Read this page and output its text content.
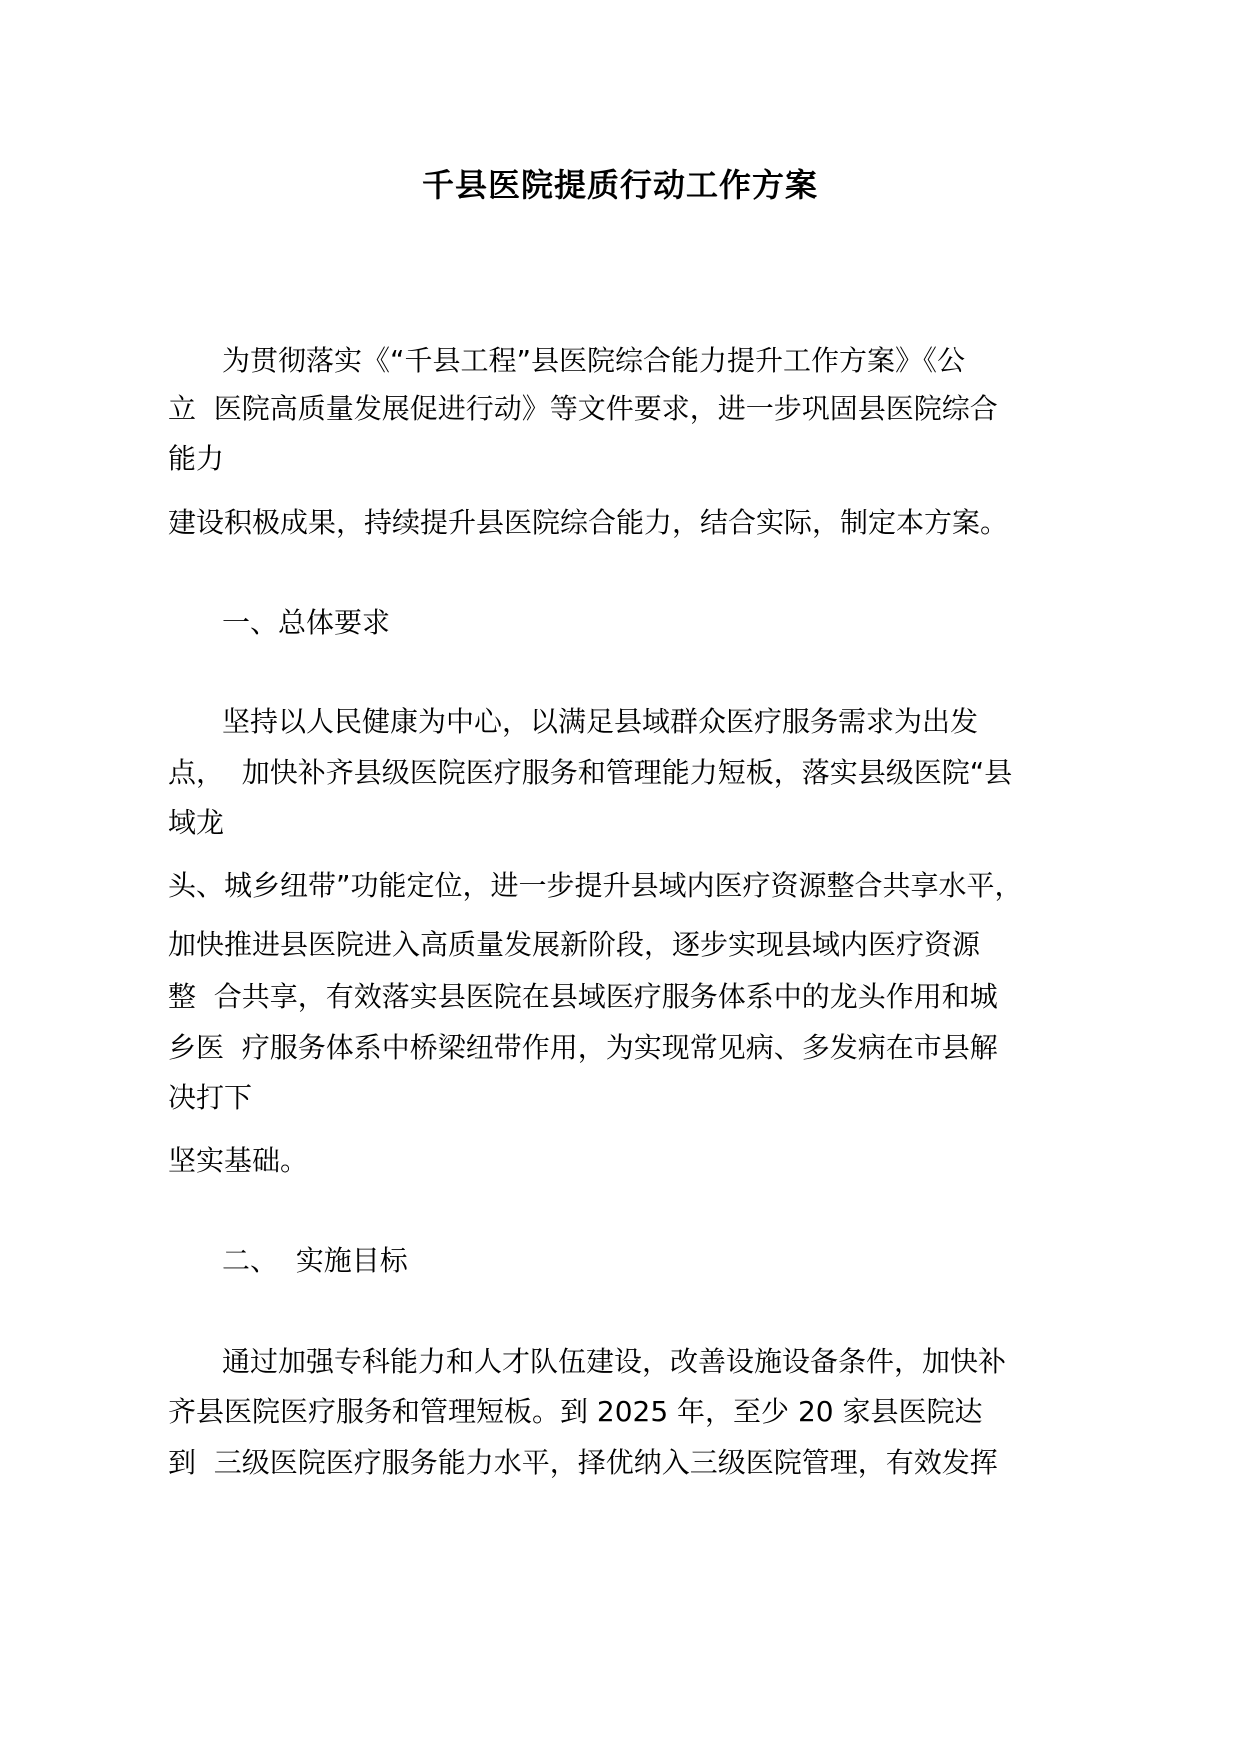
千县医院提质行动工作方案

为贯彻落实《“千县工程”县医院综合能力提升工作方案》《公

立  医院高质量发展促进行动》等文件要求，进一步巩固县医院综合

能力

建设积极成果，持续提升县医院综合能力，结合实际，制定本方案。

一、总体要求

坚持以人民健康为中心，以满足县域群众医疗服务需求为出发

点，  加快补齐县级医院医疗服务和管理能力短板，落实县级医院“县

域龙

头、城乡纽带”功能定位，进一步提升县域内医疗资源整合共享水平，

加快推进县医院进入高质量发展新阶段，逐步实现县域内医疗资源

整  合共享，有效落实县医院在县域医疗服务体系中的龙头作用和城

乡医  疗服务体系中桥梁纽带作用，为实现常见病、多发病在市县解

决打下

坚实基础。

二、  实施目标

通过加强专科能力和人才队伍建设，改善设施设备条件，加快补

齐县医院医疗服务和管理短板。到 2025 年，至少 20 家县医院达

到  三级医院医疗服务能力水平，择优纳入三级医院管理，有效发挥
